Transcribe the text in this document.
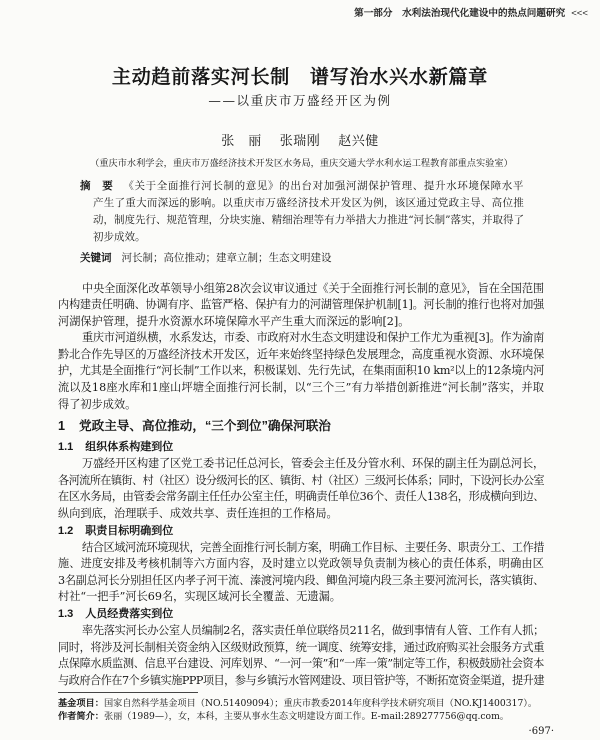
第一部分　水利法治现代化建设中的热点问题研究 <<<
主动趋前落实河长制　谱写治水兴水新篇章
——以重庆市万盛经开区为例
张　丽 张瑞刚 赵兴健
（重庆市水利学会，重庆市万盛经济技术开发区水务局，重庆交通大学水利水运工程教育部重点实验室）
摘　要 《关于全面推行河长制的意见》的出台对加强河湖保护管理、提升水环境保障水平
产生了重大而深远的影响。以重庆市万盛经济技术开发区为例，该区通过党政主导、高位推
动，制度先行、规范管理，分块实施、精细治理等有力举措大力推进“河长制”落实，并取得了
初步成效。
关键词 河长制；高位推动；建章立制；生态文明建设
中央全面深化改革领导小组第28次会议审议通过《关于全面推行河长制的意见》，旨在全国范围
内构建责任明确、协调有序、监管严格、保护有力的河湖管理保护机制[1]。河长制的推行也将对加强
河湖保护管理，提升水资源水环境保障水平产生重大而深远的影响[2]。
重庆市河道纵横，水系发达，市委、市政府对水生态文明建设和保护工作尤为重视[3]。作为渝南
黔北合作先导区的万盛经济技术开发区，近年来始终坚持绿色发展理念，高度重视水资源、水环境保
护，尤其是全面推行“河长制”工作以来，积极谋划、先行先试，在集雨面积10 km²以上的12条境内河
流以及18座水库和1座山坪塘全面推行河长制，以“三个三”有力举措创新推进“河长制”落实，并取
得了初步成效。
1 党政主导、高位推动，“三个到位”确保河联治
1.1 组织体系构建到位
万盛经开区构建了区党工委书记任总河长，管委会主任及分管水利、环保的副主任为副总河长，
各河流所在镇街、村（社区）设分级河长的区、镇街、村（社区）三级河长体系；同时，下设河长办公室
在区水务局，由管委会常务副主任任办公室主任，明确责任单位36个、责任人138名，形成横向到边、
纵向到底，治理联手、成效共享、责任连担的工作格局。
1.2 职责目标明确到位
结合区域河流环境现状，完善全面推行河长制方案，明确工作目标、主要任务、职责分工、工作措
施、进度安排及考核机制等六方面内容，及时建立以党政领导负责制为核心的责任体系，明确由区
3名副总河长分别担任区内孝子河干流、溱渡河境内段、鲫鱼河境内段三条主要河流河长，落实镇街、
村社“一把手”河长69名，实现区域河长全覆盖、无遗漏。
1.3 人员经费落实到位
率先落实河长办公室人员编制2名，落实责任单位联络员211名，做到事情有人管、工作有人抓；
同时，将涉及河长制相关资金纳入区级财政预算，统一调度、统筹安排，通过政府购买社会服务方式重
点保障水质监测、信息平台建设、河库划界、“一河一策”和“一库一策”制定等工作，积极鼓励社会资本
与政府合作在7个乡镇实施PPP项目，参与乡镇污水管网建设、项目管护等，不断拓宽资金渠道，提升建
基金项目：国家自然科学基金项目（NO.51409094）；重庆市教委2014年度科学技术研究项目（NO.KJ1400317）。
作者简介：张丽（1989—），女，本科，主要从事水生态文明建设方面工作。E-mail:289277756@qq.com。
·697·
